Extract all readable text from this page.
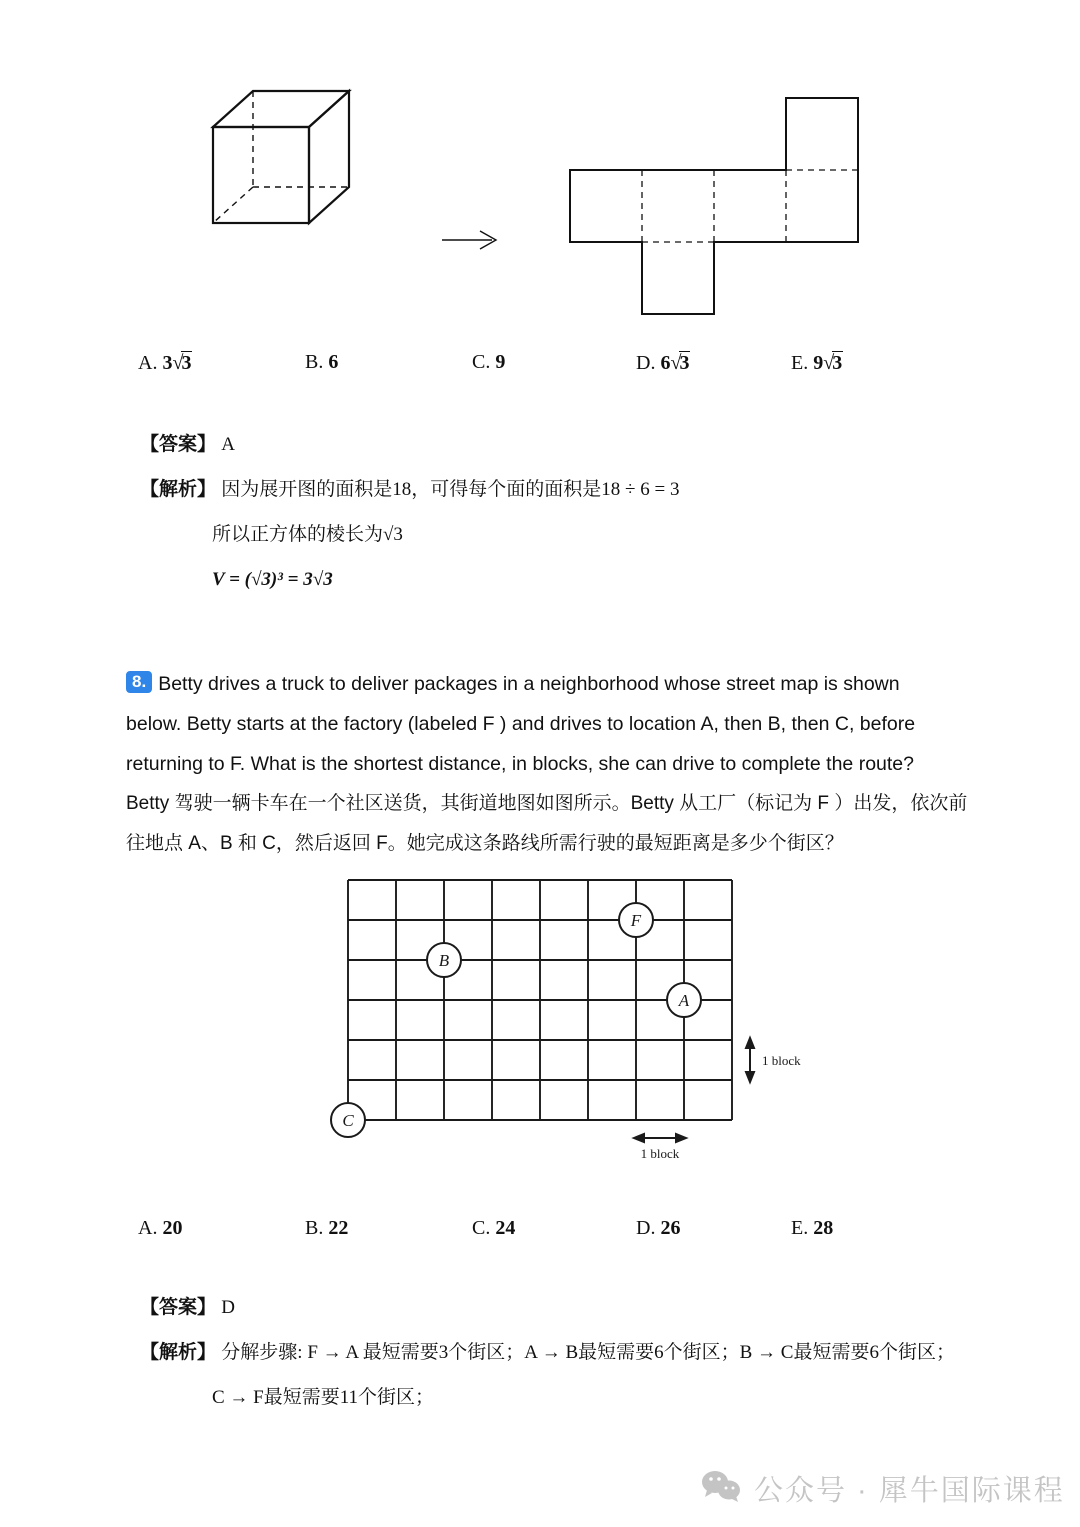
A. 3√3	B. 6	C. 9	D. 6√3	E. 9√3
【答案】 A
【解析】 因为展开图的面积是18，可得每个面的面积是18 ÷ 6 = 3
所以正方体的棱长为√3
V = (√3)³ = 3√3
8. Betty drives a truck to deliver packages in a neighborhood whose street map is shown
below. Betty starts at the factory (labeled F ) and drives to location A, then B, then C, before
returning to F. What is the shortest distance, in blocks, she can drive to complete the route?
Betty 驾驶一辆卡车在一个社区送货，其街道地图如图所示。Betty 从工厂（标记为 F ）出发，依次前
往地点 A、B 和 C，然后返回 F。她完成这条路线所需行驶的最短距离是多少个街区？
F
B
A
C
1 block
1 block
A. 20	B. 22	C. 24	D. 26	E. 28
【答案】 D
【解析】 分解步骤: F → A 最短需要3个街区；A → B最短需要6个街区；B → C最短需要6个街区；
C → F最短需要11个街区；
公众号 · 犀牛国际课程
